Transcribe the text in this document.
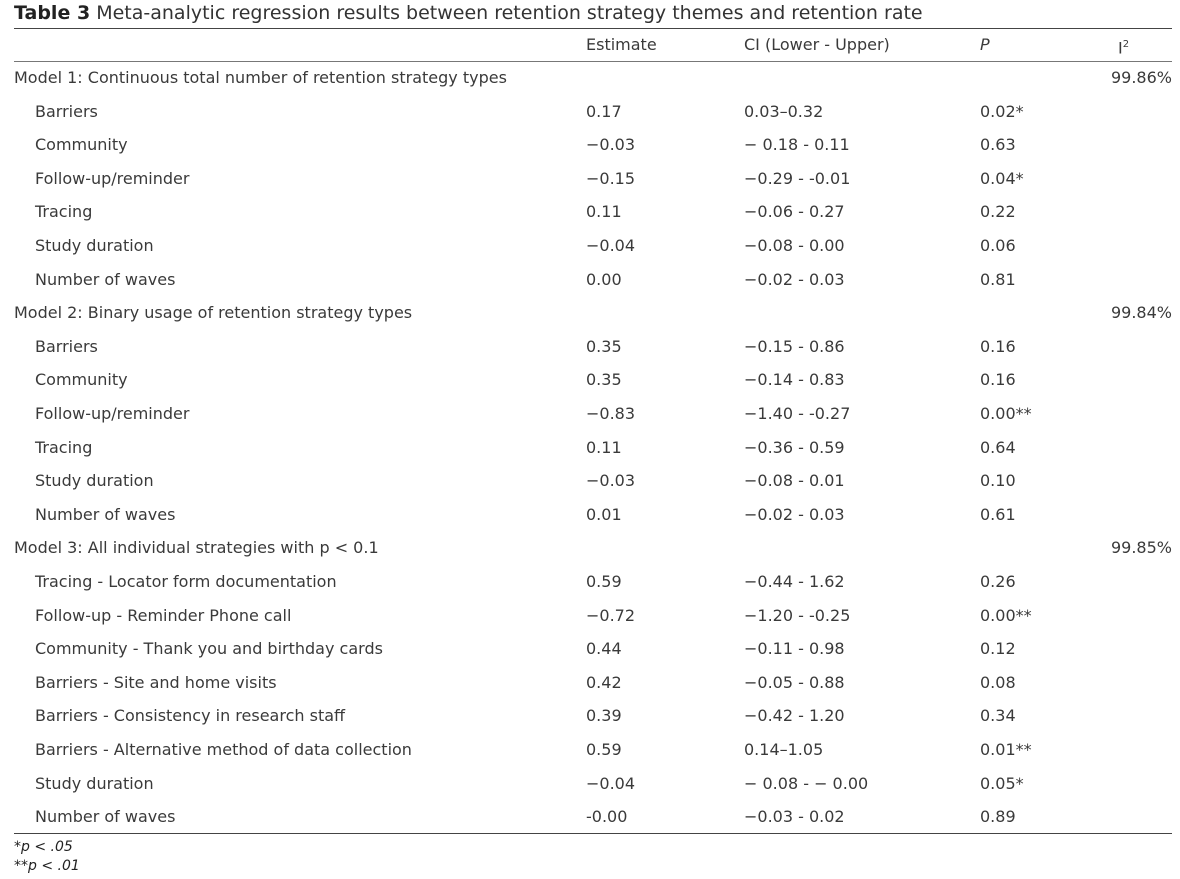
Table 3 Meta-analytic regression results between retention strategy themes and retention rate
Estimate	CI (Lower - Upper)	P	$I^2$
Model 1: Continuous total number of retention strategy types	99.86%
Barriers	0.17	0.03–0.32	0.02*
Community	−0.03	− 0.18 - 0.11	0.63
Follow-up/reminder	−0.15	−0.29 - -0.01	0.04*
Tracing	0.11	−0.06 - 0.27	0.22
Study duration	−0.04	−0.08 - 0.00	0.06
Number of waves	0.00	−0.02 - 0.03	0.81
Model 2: Binary usage of retention strategy types	99.84%
Barriers	0.35	−0.15 - 0.86	0.16
Community	0.35	−0.14 - 0.83	0.16
Follow-up/reminder	−0.83	−1.40 - -0.27	0.00**
Tracing	0.11	−0.36 - 0.59	0.64
Study duration	−0.03	−0.08 - 0.01	0.10
Number of waves	0.01	−0.02 - 0.03	0.61
Model 3: All individual strategies with p < 0.1	99.85%
Tracing - Locator form documentation	0.59	−0.44 - 1.62	0.26
Follow-up - Reminder Phone call	−0.72	−1.20 - -0.25	0.00**
Community - Thank you and birthday cards	0.44	−0.11 - 0.98	0.12
Barriers - Site and home visits	0.42	−0.05 - 0.88	0.08
Barriers - Consistency in research staff	0.39	−0.42 - 1.20	0.34
Barriers - Alternative method of data collection	0.59	0.14–1.05	0.01**
Study duration	−0.04	− 0.08 - − 0.00	0.05*
Number of waves	-0.00	−0.03 - 0.02	0.89
*p < .05
**p < .01
